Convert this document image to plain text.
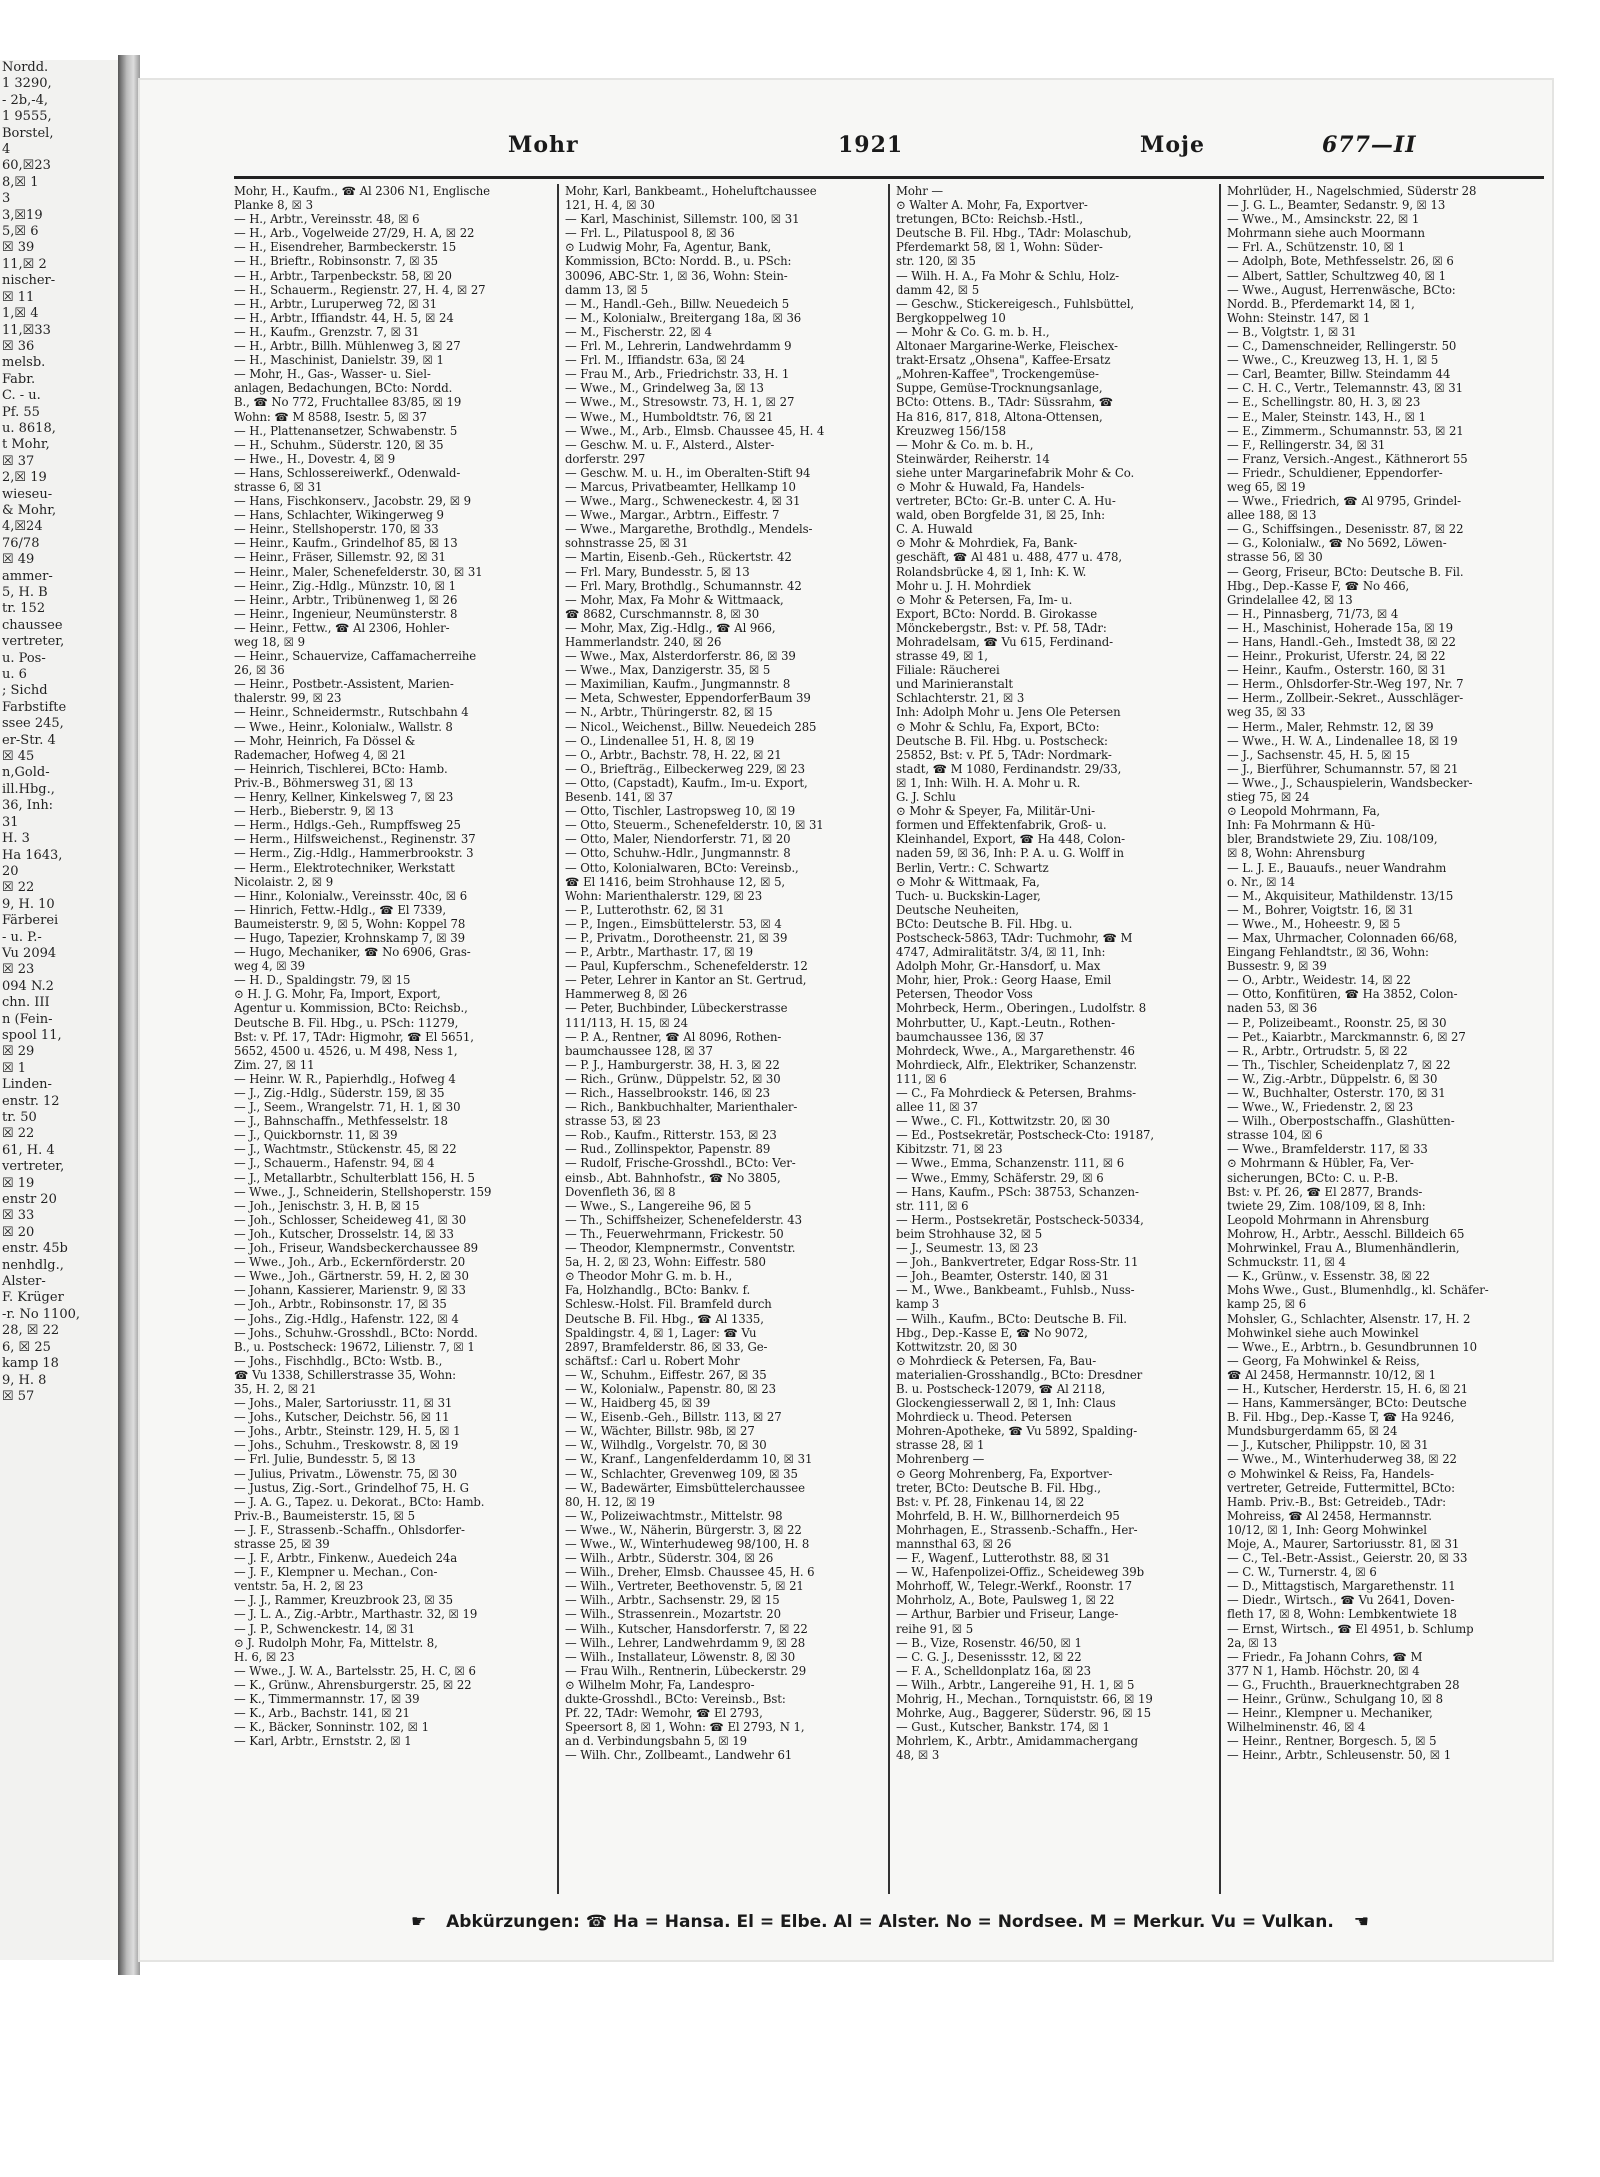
Nordd.
1 3290,
- 2b,-4,
1 9555,
Borstel,
4
60,☒23
8,☒ 1
3
3,☒19
5,☒ 6
☒ 39
11,☒ 2
nischer-
☒ 11
1,☒ 4
11,☒33
☒ 36
melsb.
Fabr.
C. - u.
Pf. 55
u. 8618,
t Mohr,
☒ 37
2,☒ 19
wieseu-
& Mohr,
4,☒24
76/78
☒ 49
ammer-
5, H. B
tr. 152
chaussee
vertreter,
u. Pos-
u. 6
; Sichd
Farbstifte
ssee 245,
er-Str. 4
☒ 45
n,Gold-
ill.Hbg.,
36, Inh:
31
H. 3
Ha 1643,
20
☒ 22
9, H. 10
Färberei
- u. P.-
Vu 2094
☒ 23
094 N.2
chn. III
n (Fein-
spool 11,
☒ 29
☒ 1
Linden-
enstr. 12
tr. 50
☒ 22
61, H. 4
vertreter,
☒ 19
enstr 20
☒ 33
☒ 20
enstr. 45b
nenhdlg.,
Alster-
F. Krüger
-r. No 1100,
28, ☒ 22
6, ☒ 25
kamp 18
9, H. 8
☒ 57
Mohr	1921	Moje	677—II
Mohr, H., Kaufm., ☎ Al 2306 N1, Englische
Planke 8, ☒ 3
— H., Arbtr., Vereinsstr. 48, ☒ 6
— H., Arb., Vogelweide 27/29, H. A, ☒ 22
— H., Eisendreher, Barmbeckerstr. 15
— H., Brieftr., Robinsonstr. 7, ☒ 35
— H., Arbtr., Tarpenbeckstr. 58, ☒ 20
— H., Schauerm., Regienstr. 27, H. 4, ☒ 27
— H., Arbtr., Luruperweg 72, ☒ 31
— H., Arbtr., Iffiandstr. 44, H. 5, ☒ 24
— H., Kaufm., Grenzstr. 7, ☒ 31
— H., Arbtr., Billh. Mühlenweg 3, ☒ 27
— H., Maschinist, Danielstr. 39, ☒ 1
— Mohr, H., Gas-, Wasser- u. Siel-
anlagen, Bedachungen, BCto: Nordd.
B., ☎ No 772, Fruchtallee 83/85, ☒ 19
Wohn: ☎ M 8588, Isestr. 5, ☒ 37
— H., Plattenansetzer, Schwabenstr. 5
— H., Schuhm., Süderstr. 120, ☒ 35
— Hwe., H., Dovestr. 4, ☒ 9
— Hans, Schlossereiwerkf., Odenwald-
strasse 6, ☒ 31
— Hans, Fischkonserv., Jacobstr. 29, ☒ 9
— Hans, Schlachter, Wikingerweg 9
— Heinr., Stellshoperstr. 170, ☒ 33
— Heinr., Kaufm., Grindelhof 85, ☒ 13
— Heinr., Fräser, Sillemstr. 92, ☒ 31
— Heinr., Maler, Schenefelderstr. 30, ☒ 31
— Heinr., Zig.-Hdlg., Münzstr. 10, ☒ 1
— Heinr., Arbtr., Tribünenweg 1, ☒ 26
— Heinr., Ingenieur, Neumünsterstr. 8
— Heinr., Fettw., ☎ Al 2306, Hohler-
weg 18, ☒ 9
— Heinr., Schauervize, Caffamacherreihe
26, ☒ 36
— Heinr., Postbetr.-Assistent, Marien-
thalerstr. 99, ☒ 23
— Heinr., Schneidermstr., Rutschbahn 4
— Wwe., Heinr., Kolonialw., Wallstr. 8
— Mohr, Heinrich, Fa Dössel &
Rademacher, Hofweg 4, ☒ 21
— Heinrich, Tischlerei, BCto: Hamb.
Priv.-B., Böhmersweg 31, ☒ 13
— Henry, Kellner, Kinkelsweg 7, ☒ 23
— Herb., Bieberstr. 9, ☒ 13
— Herm., Hdlgs.-Geh., Rumpffsweg 25
— Herm., Hilfsweichenst., Reginenstr. 37
— Herm., Zig.-Hdlg., Hammerbrookstr. 3
— Herm., Elektrotechniker, Werkstatt
Nicolaistr. 2, ☒ 9
— Hinr., Kolonialw., Vereinsstr. 40c, ☒ 6
— Hinrich, Fettw.-Hdlg., ☎ El 7339,
Baumeisterstr. 9, ☒ 5, Wohn: Koppel 78
— Hugo, Tapezier, Krohnskamp 7, ☒ 39
— Hugo, Mechaniker, ☎ No 6906, Gras-
weg 4, ☒ 39
— H. D., Spaldingstr. 79, ☒ 15
⊙ H. J. G. Mohr, Fa, Import, Export,
Agentur u. Kommission, BCto: Reichsb.,
Deutsche B. Fil. Hbg., u. PSch: 11279,
Bst: v. Pf. 17, TAdr: Higmohr, ☎ El 5651,
5652, 4500 u. 4526, u. M 498, Ness 1,
Zim. 27, ☒ 11
— Heinr. W. R., Papierhdlg., Hofweg 4
— J., Zig.-Hdlg., Süderstr. 159, ☒ 35
— J., Seem., Wrangelstr. 71, H. 1, ☒ 30
— J., Bahnschaffn., Methfesselstr. 18
— J., Quickbornstr. 11, ☒ 39
— J., Wachtmstr., Stückenstr. 45, ☒ 22
— J., Schauerm., Hafenstr. 94, ☒ 4
— J., Metallarbtr., Schulterblatt 156, H. 5
— Wwe., J., Schneiderin, Stellshoperstr. 159
— Joh., Jenischstr. 3, H. B, ☒ 15
— Joh., Schlosser, Scheideweg 41, ☒ 30
— Joh., Kutscher, Drosselstr. 14, ☒ 33
— Joh., Friseur, Wandsbeckerchaussee 89
— Wwe., Joh., Arb., Eckernförderstr. 20
— Wwe., Joh., Gärtnerstr. 59, H. 2, ☒ 30
— Johann, Kassierer, Marienstr. 9, ☒ 33
— Joh., Arbtr., Robinsonstr. 17, ☒ 35
— Johs., Zig.-Hdlg., Hafenstr. 122, ☒ 4
— Johs., Schuhw.-Grosshdl., BCto: Nordd.
B., u. Postscheck: 19672, Lilienstr. 7, ☒ 1
— Johs., Fischhdlg., BCto: Wstb. B.,
☎ Vu 1338, Schillerstrasse 35, Wohn:
35, H. 2, ☒ 21
— Johs., Maler, Sartoriusstr. 11, ☒ 31
— Johs., Kutscher, Deichstr. 56, ☒ 11
— Johs., Arbtr., Steinstr. 129, H. 5, ☒ 1
— Johs., Schuhm., Treskowstr. 8, ☒ 19
— Frl. Julie, Bundesstr. 5, ☒ 13
— Julius, Privatm., Löwenstr. 75, ☒ 30
— Justus, Zig.-Sort., Grindelhof 75, H. G
— J. A. G., Tapez. u. Dekorat., BCto: Hamb.
Priv.-B., Baumeisterstr. 15, ☒ 5
— J. F., Strassenb.-Schaffn., Ohlsdorfer-
strasse 25, ☒ 39
— J. F., Arbtr., Finkenw., Auedeich 24a
— J. F., Klempner u. Mechan., Con-
ventstr. 5a, H. 2, ☒ 23
— J. J., Rammer, Kreuzbrook 23, ☒ 35
— J. L. A., Zig.-Arbtr., Marthastr. 32, ☒ 19
— J. P., Schwenckestr. 14, ☒ 31
⊙ J. Rudolph Mohr, Fa, Mittelstr. 8,
H. 6, ☒ 23
— Wwe., J. W. A., Bartelsstr. 25, H. C, ☒ 6
— K., Grünw., Ahrensburgerstr. 25, ☒ 22
— K., Timmermannstr. 17, ☒ 39
— K., Arb., Bachstr. 141, ☒ 21
— K., Bäcker, Sonninstr. 102, ☒ 1
— Karl, Arbtr., Ernststr. 2, ☒ 1
Mohr, Karl, Bankbeamt., Hoheluftchaussee
121, H. 4, ☒ 30
— Karl, Maschinist, Sillemstr. 100, ☒ 31
— Frl. L., Pilatuspool 8, ☒ 36
⊙ Ludwig Mohr, Fa, Agentur, Bank,
Kommission, BCto: Nordd. B., u. PSch:
30096, ABC-Str. 1, ☒ 36, Wohn: Stein-
damm 13, ☒ 5
— M., Handl.-Geh., Billw. Neuedeich 5
— M., Kolonialw., Breitergang 18a, ☒ 36
— M., Fischerstr. 22, ☒ 4
— Frl. M., Lehrerin, Landwehrdamm 9
— Frl. M., Iffiandstr. 63a, ☒ 24
— Frau M., Arb., Friedrichstr. 33, H. 1
— Wwe., M., Grindelweg 3a, ☒ 13
— Wwe., M., Stresowstr. 73, H. 1, ☒ 27
— Wwe., M., Humboldtstr. 76, ☒ 21
— Wwe., M., Arb., Elmsb. Chaussee 45, H. 4
— Geschw. M. u. F., Alsterd., Alster-
dorferstr. 297
— Geschw. M. u. H., im Oberalten-Stift 94
— Marcus, Privatbeamter, Hellkamp 10
— Wwe., Marg., Schweneckestr. 4, ☒ 31
— Wwe., Margar., Arbtrn., Eiffestr. 7
— Wwe., Margarethe, Brothdlg., Mendels-
sohnstrasse 25, ☒ 31
— Martin, Eisenb.-Geh., Rückertstr. 42
— Frl. Mary, Bundesstr. 5, ☒ 13
— Frl. Mary, Brothdlg., Schumannstr. 42
— Mohr, Max, Fa Mohr & Wittmaack,
☎ 8682, Curschmannstr. 8, ☒ 30
— Mohr, Max, Zig.-Hdlg., ☎ Al 966,
Hammerlandstr. 240, ☒ 26
— Wwe., Max, Alsterdorferstr. 86, ☒ 39
— Wwe., Max, Danzigerstr. 35, ☒ 5
— Maximilian, Kaufm., Jungmannstr. 8
— Meta, Schwester, EppendorferBaum 39
— N., Arbtr., Thüringerstr. 82, ☒ 15
— Nicol., Weichenst., Billw. Neuedeich 285
— O., Lindenallee 51, H. 8, ☒ 19
— O., Arbtr., Bachstr. 78, H. 22, ☒ 21
— O., Briefträg., Eilbeckerweg 229, ☒ 23
— Otto, (Capstadt), Kaufm., Im-u. Export,
Besenb. 141, ☒ 37
— Otto, Tischler, Lastropsweg 10, ☒ 19
— Otto, Steuerm., Schenefelderstr. 10, ☒ 31
— Otto, Maler, Niendorferstr. 71, ☒ 20
— Otto, Schuhw.-Hdlr., Jungmannstr. 8
— Otto, Kolonialwaren, BCto: Vereinsb.,
☎ El 1416, beim Strohhause 12, ☒ 5,
Wohn: Marienthalerstr. 129, ☒ 23
— P., Lutterothstr. 62, ☒ 31
— P., Ingen., Eimsbüttelerstr. 53, ☒ 4
— P., Privatm., Dorotheenstr. 21, ☒ 39
— P., Arbtr., Marthastr. 17, ☒ 19
— Paul, Kupferschm., Schenefelderstr. 12
— Peter, Lehrer in Kantor an St. Gertrud,
Hammerweg 8, ☒ 26
— Peter, Buchbinder, Lübeckerstrasse
111/113, H. 15, ☒ 24
— P. A., Rentner, ☎ Al 8096, Rothen-
baumchaussee 128, ☒ 37
— P. J., Hamburgerstr. 38, H. 3, ☒ 22
— Rich., Grünw., Düppelstr. 52, ☒ 30
— Rich., Hasselbrookstr. 146, ☒ 23
— Rich., Bankbuchhalter, Marienthaler-
strasse 53, ☒ 23
— Rob., Kaufm., Ritterstr. 153, ☒ 23
— Rud., Zollinspektor, Papenstr. 89
— Rudolf, Frische-Grosshdl., BCto: Ver-
einsb., Abt. Bahnhofstr., ☎ No 3805,
Dovenfleth 36, ☒ 8
— Wwe., S., Langereihe 96, ☒ 5
— Th., Schiffsheizer, Schenefelderstr. 43
— Th., Feuerwehrmann, Frickestr. 50
— Theodor, Klempnermstr., Conventstr.
5a, H. 2, ☒ 23, Wohn: Eiffestr. 580
⊙ Theodor Mohr G. m. b. H.,
Fa, Holzhandlg., BCto: Bankv. f.
Schlesw.-Holst. Fil. Bramfeld durch
Deutsche B. Fil. Hbg., ☎ Al 1335,
Spaldingstr. 4, ☒ 1, Lager: ☎ Vu
2897, Bramfelderstr. 86, ☒ 33, Ge-
schäftsf.: Carl u. Robert Mohr
— W., Schuhm., Eiffestr. 267, ☒ 35
— W., Kolonialw., Papenstr. 80, ☒ 23
— W., Haidberg 45, ☒ 39
— W., Eisenb.-Geh., Billstr. 113, ☒ 27
— W., Wächter, Billstr. 98b, ☒ 27
— W., Wilhdlg., Vorgelstr. 70, ☒ 30
— W., Kranf., Langenfelderdamm 10, ☒ 31
— W., Schlachter, Grevenweg 109, ☒ 35
— W., Badewärter, Eimsbüttelerchaussee
80, H. 12, ☒ 19
— W., Polizeiwachtmstr., Mittelstr. 98
— Wwe., W., Näherin, Bürgerstr. 3, ☒ 22
— Wwe., W., Winterhudeweg 98/100, H. 8
— Wilh., Arbtr., Süderstr. 304, ☒ 26
— Wilh., Dreher, Elmsb. Chaussee 45, H. 6
— Wilh., Vertreter, Beethovenstr. 5, ☒ 21
— Wilh., Arbtr., Sachsenstr. 29, ☒ 15
— Wilh., Strassenrein., Mozartstr. 20
— Wilh., Kutscher, Hansdorferstr. 7, ☒ 22
— Wilh., Lehrer, Landwehrdamm 9, ☒ 28
— Wilh., Installateur, Löwenstr. 8, ☒ 30
— Frau Wilh., Rentnerin, Lübeckerstr. 29
⊙ Wilhelm Mohr, Fa, Landespro-
dukte-Grosshdl., BCto: Vereinsb., Bst:
Pf. 22, TAdr: Wemohr, ☎ El 2793,
Speersort 8, ☒ 1, Wohn: ☎ El 2793, N 1,
an d. Verbindungsbahn 5, ☒ 19
— Wilh. Chr., Zollbeamt., Landwehr 61
Mohr —
⊙ Walter A. Mohr, Fa, Exportver-
tretungen, BCto: Reichsb.-Hstl.,
Deutsche B. Fil. Hbg., TAdr: Molaschub,
Pferdemarkt 58, ☒ 1, Wohn: Süder-
str. 120, ☒ 35
— Wilh. H. A., Fa Mohr & Schlu, Holz-
damm 42, ☒ 5
— Geschw., Stickereigesch., Fuhlsbüttel,
Bergkoppelweg 10
— Mohr & Co. G. m. b. H.,
Altonaer Margarine-Werke, Fleischex-
trakt-Ersatz „Ohsena", Kaffee-Ersatz
„Mohren-Kaffee", Trockengemüse-
Suppe, Gemüse-Trocknungsanlage,
BCto: Ottens. B., TAdr: Süssrahm, ☎
Ha 816, 817, 818, Altona-Ottensen,
Kreuzweg 156/158
— Mohr & Co. m. b. H.,
Steinwärder, Reiherstr. 14
siehe unter Margarinefabrik Mohr & Co.
⊙ Mohr & Huwald, Fa, Handels-
vertreter, BCto: Gr.-B. unter C. A. Hu-
wald, oben Borgfelde 31, ☒ 25, Inh:
C. A. Huwald
⊙ Mohr & Mohrdiek, Fa, Bank-
geschäft, ☎ Al 481 u. 488, 477 u. 478,
Rolandsbrücke 4, ☒ 1, Inh: K. W.
Mohr u. J. H. Mohrdiek
⊙ Mohr & Petersen, Fa, Im- u.
Export, BCto: Nordd. B. Girokasse
Mönckebergstr., Bst: v. Pf. 58, TAdr:
Mohradelsam, ☎ Vu 615, Ferdinand-
strasse 49, ☒ 1,
Filiale: Räucherei
und Marinieranstalt
Schlachterstr. 21, ☒ 3
Inh: Adolph Mohr u. Jens Ole Petersen
⊙ Mohr & Schlu, Fa, Export, BCto:
Deutsche B. Fil. Hbg. u. Postscheck:
25852, Bst: v. Pf. 5, TAdr: Nordmark-
stadt, ☎ M 1080, Ferdinandstr. 29/33,
☒ 1, Inh: Wilh. H. A. Mohr u. R.
G. J. Schlu
⊙ Mohr & Speyer, Fa, Militär-Uni-
formen und Effektenfabrik, Groß- u.
Kleinhandel, Export, ☎ Ha 448, Colon-
naden 59, ☒ 36, Inh: P. A. u. G. Wolff in
Berlin, Vertr.: C. Schwartz
⊙ Mohr & Wittmaak, Fa,
Tuch- u. Buckskin-Lager,
Deutsche Neuheiten,
BCto: Deutsche B. Fil. Hbg. u.
Postscheck-5863, TAdr: Tuchmohr, ☎ M
4747, Admiralitätstr. 3/4, ☒ 11, Inh:
Adolph Mohr, Gr.-Hansdorf, u. Max
Mohr, hier, Prok.: Georg Haase, Emil
Petersen, Theodor Voss
Mohrbeck, Herm., Oberingen., Ludolfstr. 8
Mohrbutter, U., Kapt.-Leutn., Rothen-
baumchaussee 136, ☒ 37
Mohrdeck, Wwe., A., Margarethenstr. 46
Mohrdieck, Alfr., Elektriker, Schanzenstr.
111, ☒ 6
— C., Fa Mohrdieck & Petersen, Brahms-
allee 11, ☒ 37
— Wwe., C. Fl., Kottwitzstr. 20, ☒ 30
— Ed., Postsekretär, Postscheck-Cto: 19187,
Kibitzstr. 71, ☒ 23
— Wwe., Emma, Schanzenstr. 111, ☒ 6
— Wwe., Emmy, Schäferstr. 29, ☒ 6
— Hans, Kaufm., PSch: 38753, Schanzen-
str. 111, ☒ 6
— Herm., Postsekretär, Postscheck-50334,
beim Strohhause 32, ☒ 5
— J., Seumestr. 13, ☒ 23
— Joh., Bankvertreter, Edgar Ross-Str. 11
— Joh., Beamter, Osterstr. 140, ☒ 31
— M., Wwe., Bankbeamt., Fuhlsb., Nuss-
kamp 3
— Wilh., Kaufm., BCto: Deutsche B. Fil.
Hbg., Dep.-Kasse E, ☎ No 9072,
Kottwitzstr. 20, ☒ 30
⊙ Mohrdieck & Petersen, Fa, Bau-
materialien-Grosshandlg., BCto: Dresdner
B. u. Postscheck-12079, ☎ Al 2118,
Glockengiesserwall 2, ☒ 1, Inh: Claus
Mohrdieck u. Theod. Petersen
Mohren-Apotheke, ☎ Vu 5892, Spalding-
strasse 28, ☒ 1
Mohrenberg —
⊙ Georg Mohrenberg, Fa, Exportver-
treter, BCto: Deutsche B. Fil. Hbg.,
Bst: v. Pf. 28, Finkenau 14, ☒ 22
Mohrfeld, B. H. W., Billhornerdeich 95
Mohrhagen, E., Strassenb.-Schaffn., Her-
mannsthal 63, ☒ 26
— F., Wagenf., Lutterothstr. 88, ☒ 31
— W., Hafenpolizei-Offiz., Scheideweg 39b
Mohrhoff, W., Telegr.-Werkf., Roonstr. 17
Mohrholz, A., Bote, Paulsweg 1, ☒ 22
— Arthur, Barbier und Friseur, Lange-
reihe 91, ☒ 5
— B., Vize, Rosenstr. 46/50, ☒ 1
— C. G. J., Desenissstr. 12, ☒ 22
— F. A., Schelldonplatz 16a, ☒ 23
— Wilh., Arbtr., Langereihe 91, H. 1, ☒ 5
Mohrig, H., Mechan., Tornquiststr. 66, ☒ 19
Mohrke, Aug., Baggerer, Süderstr. 96, ☒ 15
— Gust., Kutscher, Bankstr. 174, ☒ 1
Mohrlem, K., Arbtr., Amidammachergang
48, ☒ 3
Mohrlüder, H., Nagelschmied, Süderstr 28
— J. G. L., Beamter, Sedanstr. 9, ☒ 13
— Wwe., M., Amsinckstr. 22, ☒ 1
Mohrmann siehe auch Moormann
— Frl. A., Schützenstr. 10, ☒ 1
— Adolph, Bote, Methfesselstr. 26, ☒ 6
— Albert, Sattler, Schultzweg 40, ☒ 1
— Wwe., August, Herrenwäsche, BCto:
Nordd. B., Pferdemarkt 14, ☒ 1,
Wohn: Steinstr. 147, ☒ 1
— B., Volgtstr. 1, ☒ 31
— C., Damenschneider, Rellingerstr. 50
— Wwe., C., Kreuzweg 13, H. 1, ☒ 5
— Carl, Beamter, Billw. Steindamm 44
— C. H. C., Vertr., Telemannstr. 43, ☒ 31
— E., Schellingstr. 80, H. 3, ☒ 23
— E., Maler, Steinstr. 143, H., ☒ 1
— E., Zimmerm., Schumannstr. 53, ☒ 21
— F., Rellingerstr. 34, ☒ 31
— Franz, Versich.-Angest., Käthnerort 55
— Friedr., Schuldiener, Eppendorfer-
weg 65, ☒ 19
— Wwe., Friedrich, ☎ Al 9795, Grindel-
allee 188, ☒ 13
— G., Schiffsingen., Desenisstr. 87, ☒ 22
— G., Kolonialw., ☎ No 5692, Löwen-
strasse 56, ☒ 30
— Georg, Friseur, BCto: Deutsche B. Fil.
Hbg., Dep.-Kasse F, ☎ No 466,
Grindelallee 42, ☒ 13
— H., Pinnasberg, 71/73, ☒ 4
— H., Maschinist, Hoherade 15a, ☒ 19
— Hans, Handl.-Geh., Imstedt 38, ☒ 22
— Heinr., Prokurist, Uferstr. 24, ☒ 22
— Heinr., Kaufm., Osterstr. 160, ☒ 31
— Herm., Ohlsdorfer-Str.-Weg 197, Nr. 7
— Herm., Zollbeir.-Sekret., Ausschläger-
weg 35, ☒ 33
— Herm., Maler, Rehmstr. 12, ☒ 39
— Wwe., H. W. A., Lindenallee 18, ☒ 19
— J., Sachsenstr. 45, H. 5, ☒ 15
— J., Bierführer, Schumannstr. 57, ☒ 21
— Wwe., J., Schauspielerin, Wandsbecker-
stieg 75, ☒ 24
⊙ Leopold Mohrmann, Fa,
Inh: Fa Mohrmann & Hü-
bler, Brandstwiete 29, Ziu. 108/109,
☒ 8, Wohn: Ahrensburg
— L. J. E., Bauaufs., neuer Wandrahm
o. Nr., ☒ 14
— M., Akquisiteur, Mathildenstr. 13/15
— M., Bohrer, Voigtstr. 16, ☒ 31
— Wwe., M., Hoheestr. 9, ☒ 5
— Max, Uhrmacher, Colonnaden 66/68,
Eingang Fehlandtstr., ☒ 36, Wohn:
Bussestr. 9, ☒ 39
— O., Arbtr., Weidestr. 14, ☒ 22
— Otto, Konfitüren, ☎ Ha 3852, Colon-
naden 53, ☒ 36
— P., Polizeibeamt., Roonstr. 25, ☒ 30
— Pet., Kaiarbtr., Marckmannstr. 6, ☒ 27
— R., Arbtr., Ortrudstr. 5, ☒ 22
— Th., Tischler, Scheidenplatz 7, ☒ 22
— W., Zig.-Arbtr., Düppelstr. 6, ☒ 30
— W., Buchhalter, Osterstr. 170, ☒ 31
— Wwe., W., Friedenstr. 2, ☒ 23
— Wilh., Oberpostschaffn., Glashütten-
strasse 104, ☒ 6
— Wwe., Bramfelderstr. 117, ☒ 33
⊙ Mohrmann & Hübler, Fa, Ver-
sicherungen, BCto: C. u. P.-B.
Bst: v. Pf. 26, ☎ El 2877, Brands-
twiete 29, Zim. 108/109, ☒ 8, Inh:
Leopold Mohrmann in Ahrensburg
Mohrow, H., Arbtr., Aesschl. Billdeich 65
Mohrwinkel, Frau A., Blumenhändlerin,
Schmuckstr. 11, ☒ 4
— K., Grünw., v. Essenstr. 38, ☒ 22
Mohs Wwe., Gust., Blumenhdlg., kl. Schäfer-
kamp 25, ☒ 6
Mohsler, G., Schlachter, Alsenstr. 17, H. 2
Mohwinkel siehe auch Mowinkel
— Wwe., E., Arbtrn., b. Gesundbrunnen 10
— Georg, Fa Mohwinkel & Reiss,
☎ Al 2458, Hermannstr. 10/12, ☒ 1
— H., Kutscher, Herderstr. 15, H. 6, ☒ 21
— Hans, Kammersänger, BCto: Deutsche
B. Fil. Hbg., Dep.-Kasse T, ☎ Ha 9246,
Mundsburgerdamm 65, ☒ 24
— J., Kutscher, Philippstr. 10, ☒ 31
— Wwe., M., Winterhuderweg 38, ☒ 22
⊙ Mohwinkel & Reiss, Fa, Handels-
vertreter, Getreide, Futtermittel, BCto:
Hamb. Priv.-B., Bst: Getreideb., TAdr:
Mohreiss, ☎ Al 2458, Hermannstr.
10/12, ☒ 1, Inh: Georg Mohwinkel
Moje, A., Maurer, Sartoriusstr. 81, ☒ 31
— C., Tel.-Betr.-Assist., Geierstr. 20, ☒ 33
— C. W., Turnerstr. 4, ☒ 6
— D., Mittagstisch, Margarethenstr. 11
— Diedr., Wirtsch., ☎ Vu 2641, Doven-
fleth 17, ☒ 8, Wohn: Lembkentwiete 18
— Ernst, Wirtsch., ☎ El 4951, b. Schlump
2a, ☒ 13
— Friedr., Fa Johann Cohrs, ☎ M
377 N 1, Hamb. Höchstr. 20, ☒ 4
— G., Fruchth., Brauerknechtgraben 28
— Heinr., Grünw., Schulgang 10, ☒ 8
— Heinr., Klempner u. Mechaniker,
Wilhelminenstr. 46, ☒ 4
— Heinr., Rentner, Borgesch. 5, ☒ 5
— Heinr., Arbtr., Schleusenstr. 50, ☒ 1
☛ Abkürzungen: ☎ Ha = Hansa. El = Elbe. Al = Alster. No = Nordsee. M = Merkur. Vu = Vulkan. ☚
